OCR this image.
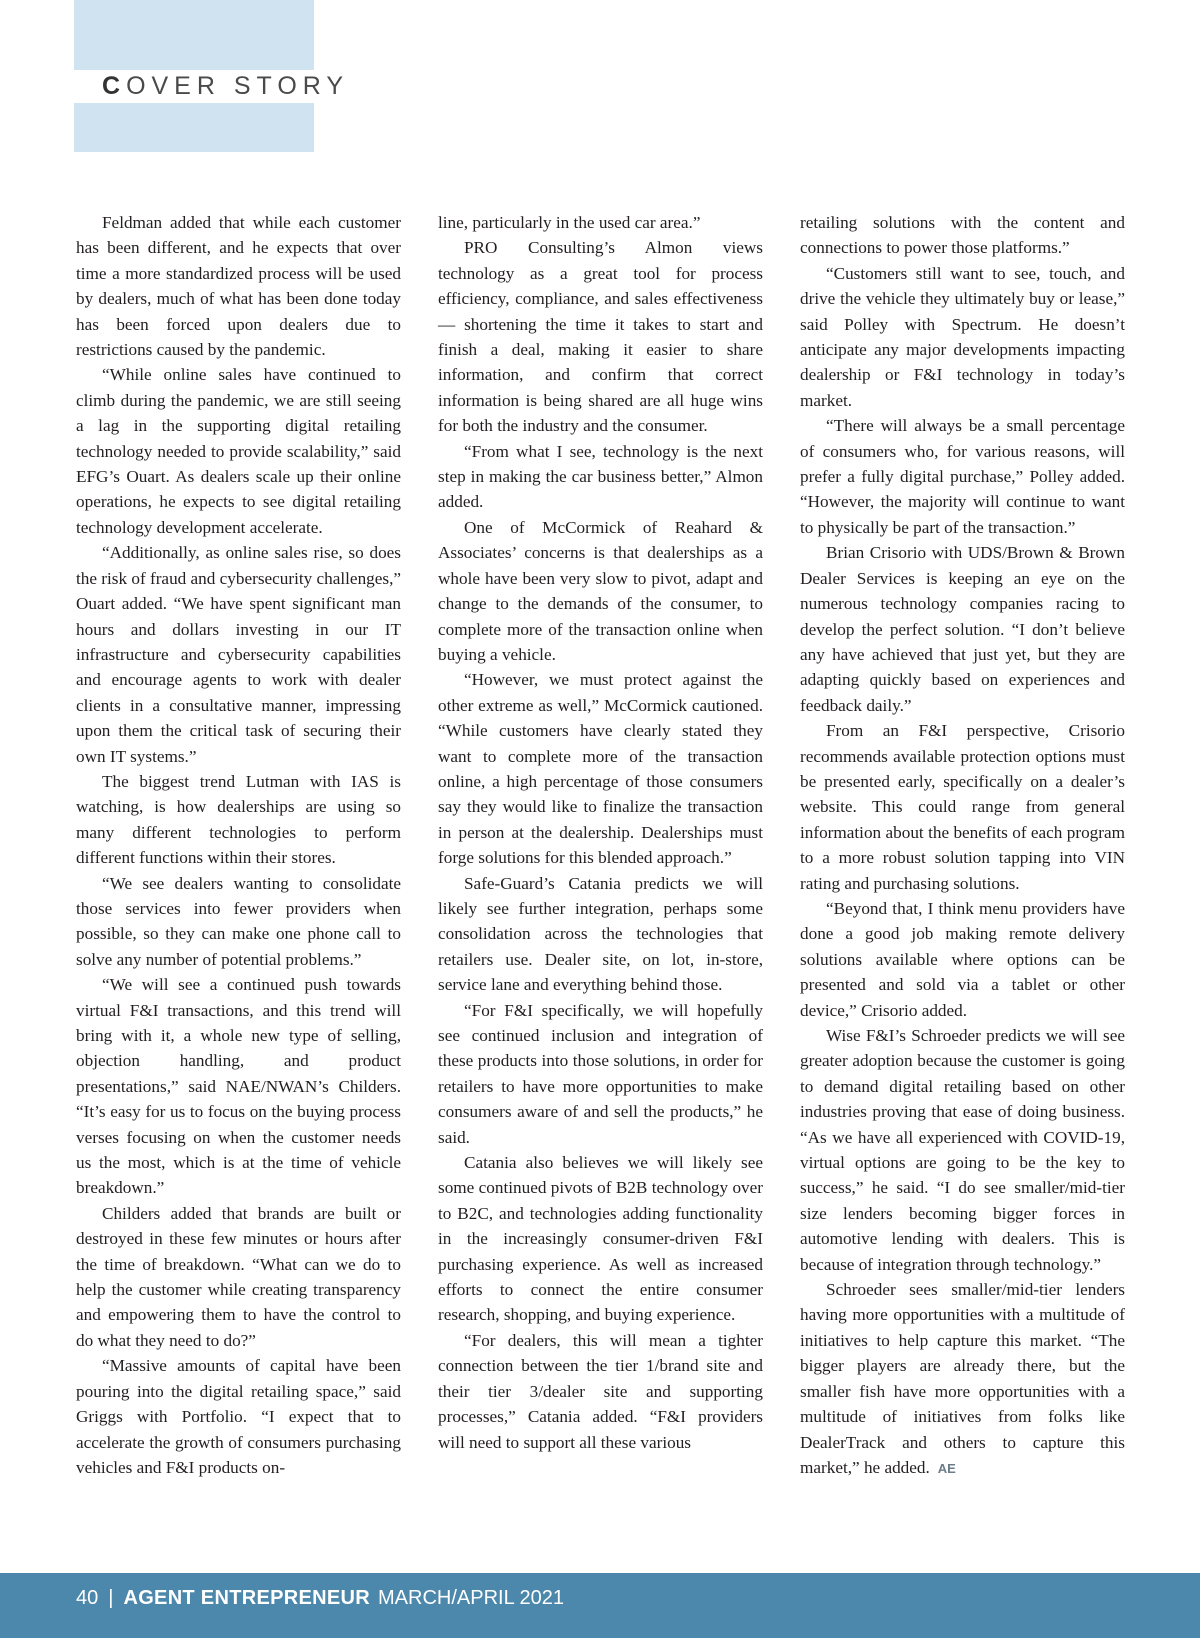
COVER STORY

Feldman added that while each customer has been different, and he expects that over time a more standardized process will be used by dealers, much of what has been done today has been forced upon dealers due to restrictions caused by the pandemic.

“While online sales have continued to climb during the pandemic, we are still seeing a lag in the supporting digital retailing technology needed to provide scalability,” said EFG’s Ouart. As dealers scale up their online operations, he expects to see digital retailing technology development accelerate.

“Additionally, as online sales rise, so does the risk of fraud and cybersecurity challenges,” Ouart added. “We have spent significant man hours and dollars investing in our IT infrastructure and cybersecurity capabilities and encourage agents to work with dealer clients in a consultative manner, impressing upon them the critical task of securing their own IT systems.”

The biggest trend Lutman with IAS is watching, is how dealerships are using so many different technologies to perform different functions within their stores.

“We see dealers wanting to consolidate those services into fewer providers when possible, so they can make one phone call to solve any number of potential problems.”

“We will see a continued push towards virtual F&I transactions, and this trend will bring with it, a whole new type of selling, objection handling, and product presentations,” said NAE/NWAN’s Childers. “It’s easy for us to focus on the buying process verses focusing on when the customer needs us the most, which is at the time of vehicle breakdown.”

Childers added that brands are built or destroyed in these few minutes or hours after the time of breakdown. “What can we do to help the customer while creating transparency and empowering them to have the control to do what they need to do?”

“Massive amounts of capital have been pouring into the digital retailing space,” said Griggs with Portfolio. “I expect that to accelerate the growth of consumers purchasing vehicles and F&I products on-

line, particularly in the used car area.”

PRO Consulting’s Almon views technology as a great tool for process efficiency, compliance, and sales effectiveness — shortening the time it takes to start and finish a deal, making it easier to share information, and confirm that correct information is being shared are all huge wins for both the industry and the consumer.

“From what I see, technology is the next step in making the car business better,” Almon added.

One of McCormick of Reahard & Associates’ concerns is that dealerships as a whole have been very slow to pivot, adapt and change to the demands of the consumer, to complete more of the transaction online when buying a vehicle.

“However, we must protect against the other extreme as well,” McCormick cautioned. “While customers have clearly stated they want to complete more of the transaction online, a high percentage of those consumers say they would like to finalize the transaction in person at the dealership. Dealerships must forge solutions for this blended approach.”

Safe-Guard’s Catania predicts we will likely see further integration, perhaps some consolidation across the technologies that retailers use. Dealer site, on lot, in-store, service lane and everything behind those.

“For F&I specifically, we will hopefully see continued inclusion and integration of these products into those solutions, in order for retailers to have more opportunities to make consumers aware of and sell the products,” he said.

Catania also believes we will likely see some continued pivots of B2B technology over to B2C, and technologies adding functionality in the increasingly consumer-driven F&I purchasing experience. As well as increased efforts to connect the entire consumer research, shopping, and buying experience.

“For dealers, this will mean a tighter connection between the tier 1/brand site and their tier 3/dealer site and supporting processes,” Catania added. “F&I providers will need to support all these various

retailing solutions with the content and connections to power those platforms.”

“Customers still want to see, touch, and drive the vehicle they ultimately buy or lease,” said Polley with Spectrum. He doesn’t anticipate any major developments impacting dealership or F&I technology in today’s market.

“There will always be a small percentage of consumers who, for various reasons, will prefer a fully digital purchase,” Polley added. “However, the majority will continue to want to physically be part of the transaction.”

Brian Crisorio with UDS/Brown & Brown Dealer Services is keeping an eye on the numerous technology companies racing to develop the perfect solution. “I don’t believe any have achieved that just yet, but they are adapting quickly based on experiences and feedback daily.”

From an F&I perspective, Crisorio recommends available protection options must be presented early, specifically on a dealer’s website. This could range from general information about the benefits of each program to a more robust solution tapping into VIN rating and purchasing solutions.

“Beyond that, I think menu providers have done a good job making remote delivery solutions available where options can be presented and sold via a tablet or other device,” Crisorio added.

Wise F&I’s Schroeder predicts we will see greater adoption because the customer is going to demand digital retailing based on other industries proving that ease of doing business. “As we have all experienced with COVID-19, virtual options are going to be the key to success,” he said. “I do see smaller/mid-tier size lenders becoming bigger forces in automotive lending with dealers. This is because of integration through technology.”

Schroeder sees smaller/mid-tier lenders having more opportunities with a multitude of initiatives to help capture this market. “The bigger players are already there, but the smaller fish have more opportunities with a multitude of initiatives from folks like DealerTrack and others to capture this market,” he added. AE

40 | AGENT ENTREPRENEUR MARCH/APRIL 2021
